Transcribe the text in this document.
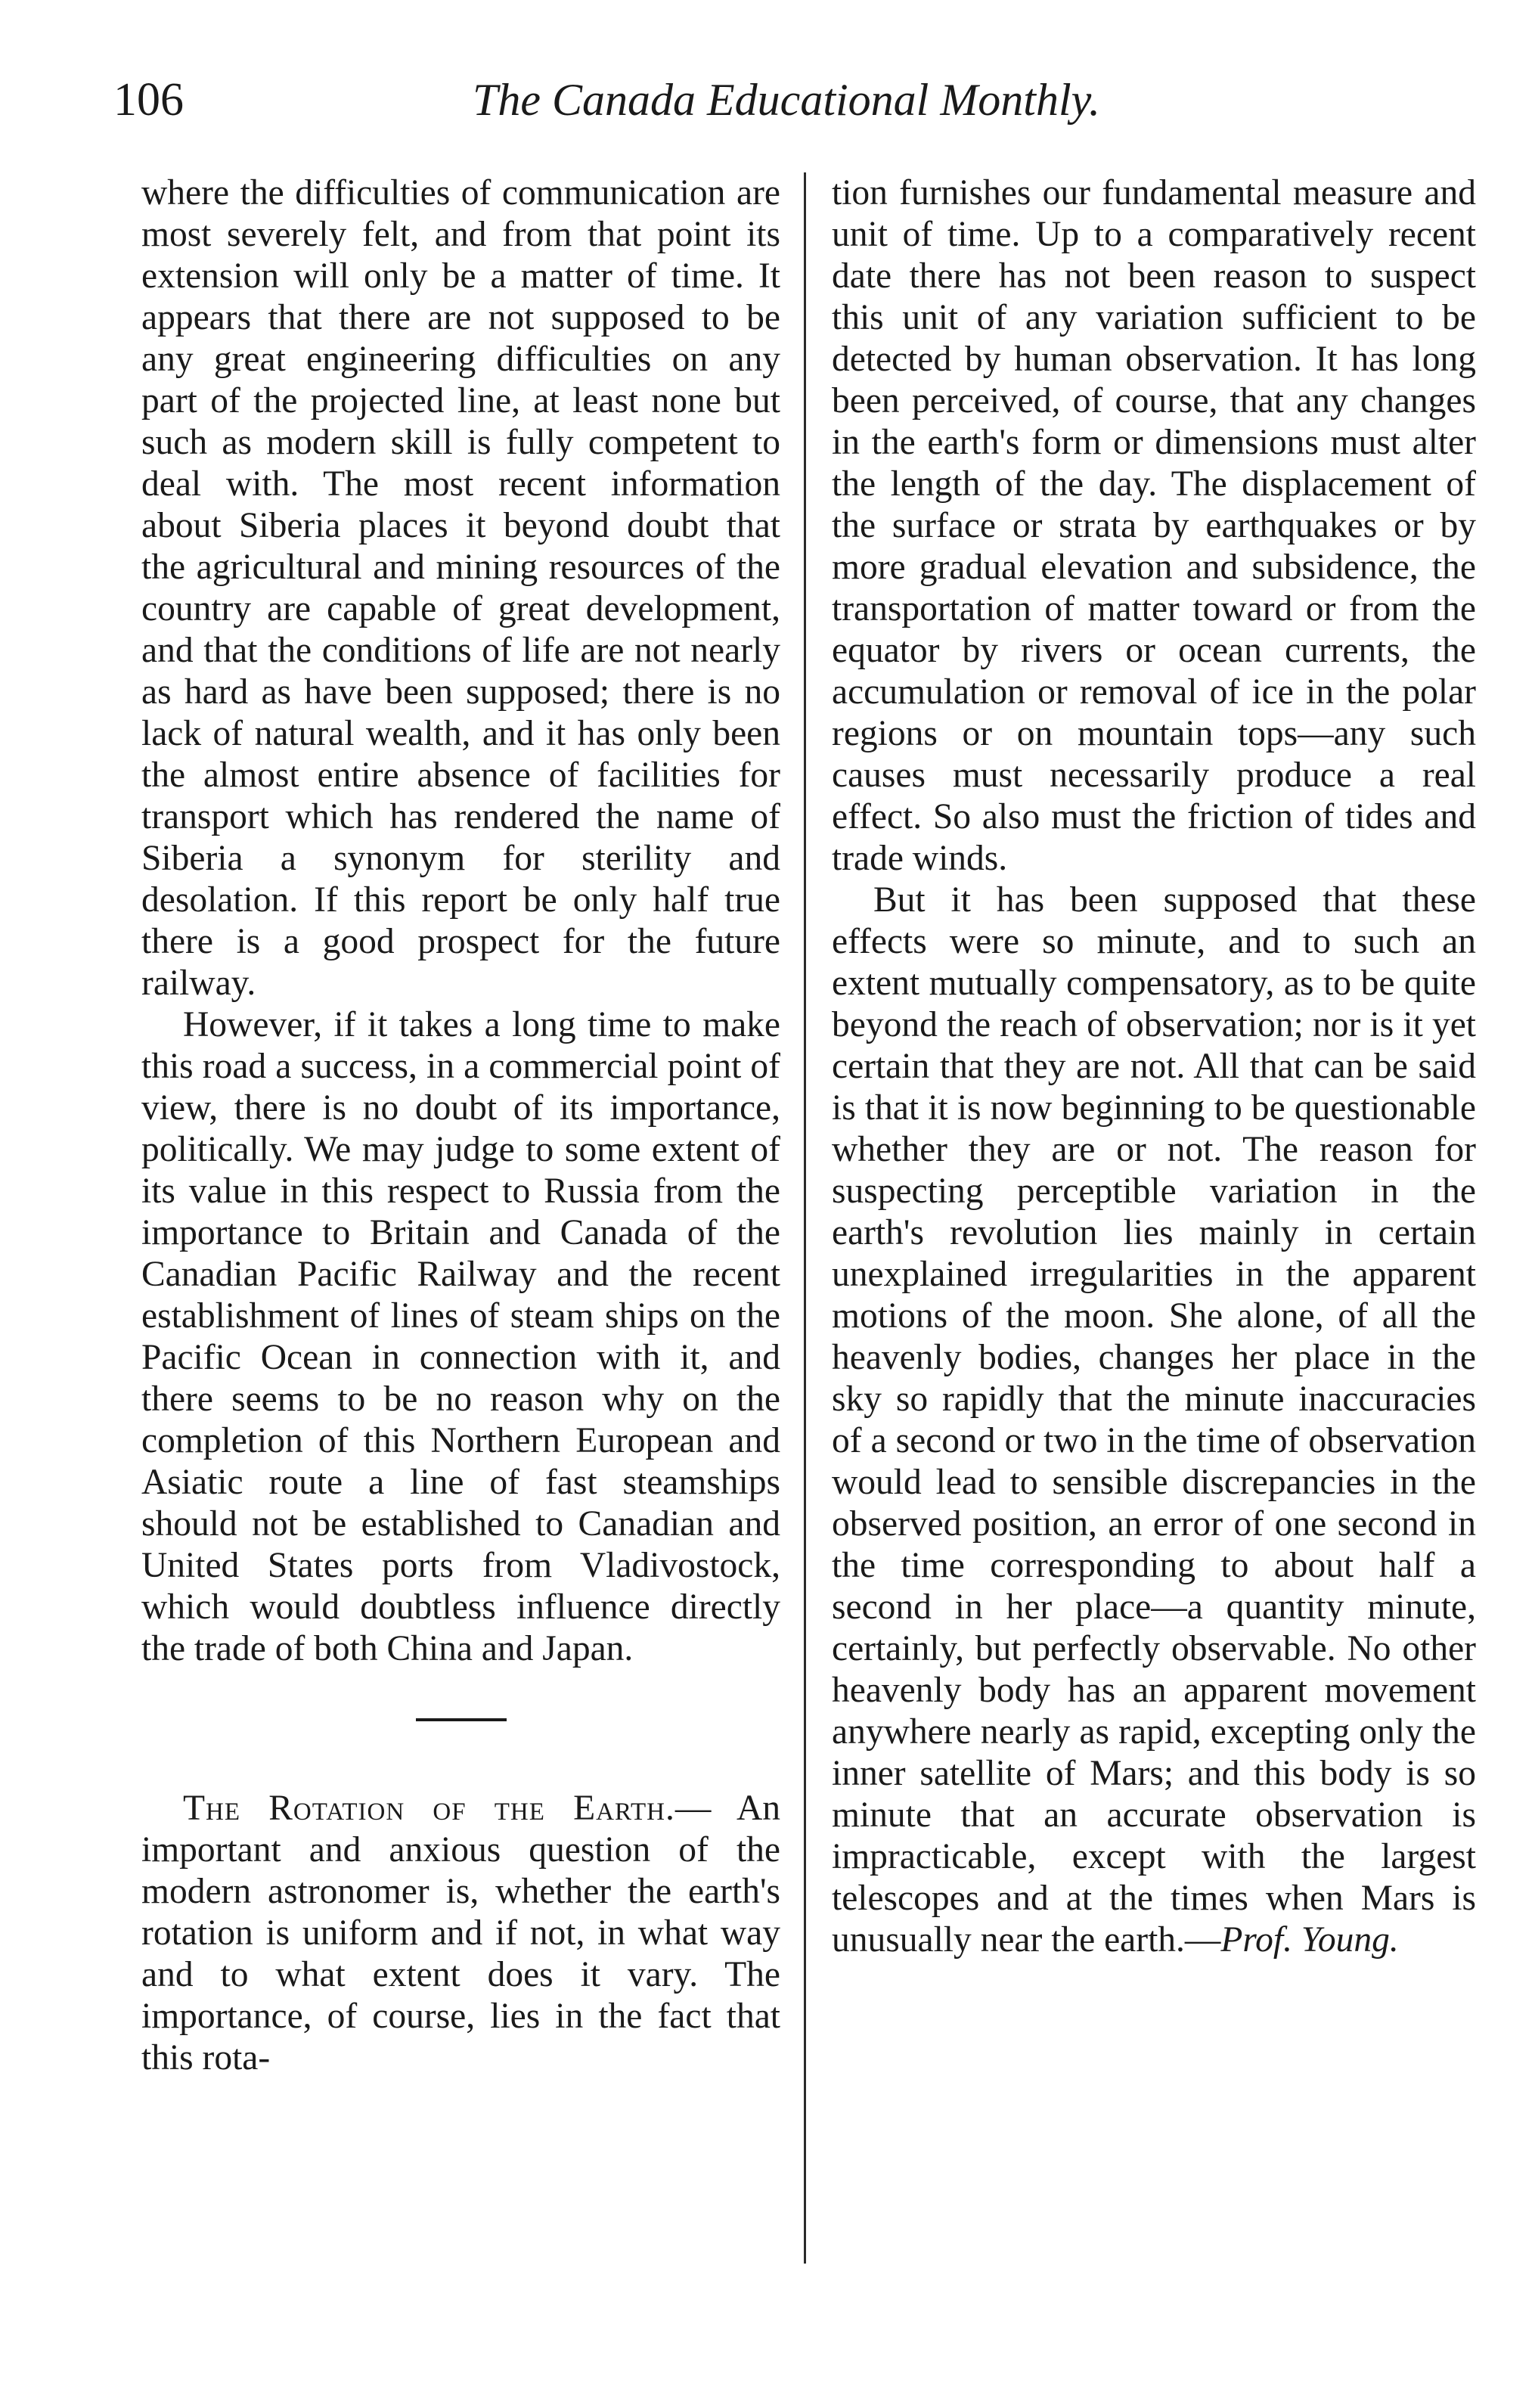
106	The Canada Educational Monthly.

where the difficulties of communication are most severely felt, and from that point its extension will only be a matter of time. It appears that there are not supposed to be any great engineering difficulties on any part of the projected line, at least none but such as modern skill is fully competent to deal with. The most recent information about Siberia places it beyond doubt that the agricultural and mining resources of the country are capable of great development, and that the conditions of life are not nearly as hard as have been supposed; there is no lack of natural wealth, and it has only been the almost entire absence of facilities for transport which has rendered the name of Siberia a synonym for sterility and desolation. If this report be only half true there is a good prospect for the future railway.

However, if it takes a long time to make this road a success, in a commercial point of view, there is no doubt of its importance, politically. We may judge to some extent of its value in this respect to Russia from the importance to Britain and Canada of the Canadian Pacific Railway and the recent establishment of lines of steam ships on the Pacific Ocean in connection with it, and there seems to be no reason why on the completion of this Northern European and Asiatic route a line of fast steamships should not be established to Canadian and United States ports from Vladivostock, which would doubtless influence directly the trade of both China and Japan.

The Rotation of the Earth.— An important and anxious question of the modern astronomer is, whether the earth's rotation is uniform and if not, in what way and to what extent does it vary. The importance, of course, lies in the fact that this rota-

tion furnishes our fundamental measure and unit of time. Up to a comparatively recent date there has not been reason to suspect this unit of any variation sufficient to be detected by human observation. It has long been perceived, of course, that any changes in the earth's form or dimensions must alter the length of the day. The displacement of the surface or strata by earthquakes or by more gradual elevation and subsidence, the transportation of matter toward or from the equator by rivers or ocean currents, the accumulation or removal of ice in the polar regions or on mountain tops—any such causes must necessarily produce a real effect. So also must the friction of tides and trade winds.

But it has been supposed that these effects were so minute, and to such an extent mutually compensatory, as to be quite beyond the reach of observation; nor is it yet certain that they are not. All that can be said is that it is now beginning to be questionable whether they are or not. The reason for suspecting perceptible variation in the earth's revolution lies mainly in certain unexplained irregularities in the apparent motions of the moon. She alone, of all the heavenly bodies, changes her place in the sky so rapidly that the minute inaccuracies of a second or two in the time of observation would lead to sensible discrepancies in the observed position, an error of one second in the time corresponding to about half a second in her place—a quantity minute, certainly, but perfectly observable. No other heavenly body has an apparent movement anywhere nearly as rapid, excepting only the inner satellite of Mars; and this body is so minute that an accurate observation is impracticable, except with the largest telescopes and at the times when Mars is unusually near the earth.—Prof. Young.
